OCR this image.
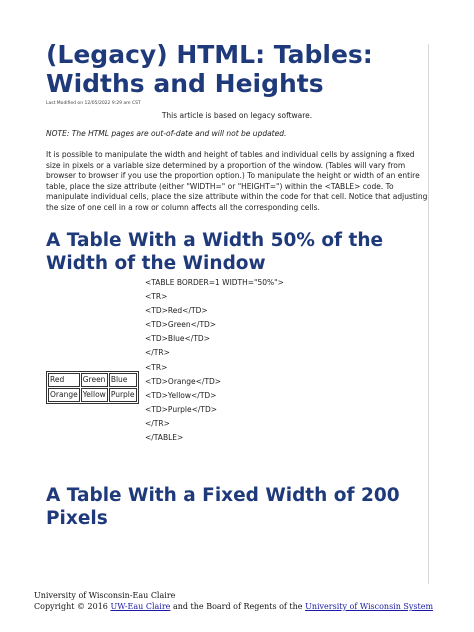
(Legacy) HTML: Tables: Widths and Heights
Last Modified on 12/05/2022 9:29 am CST
This article is based on legacy software.
NOTE: The HTML pages are out-of-date and will not be updated.

It is possible to manipulate the width and height of tables and individual cells by assigning a fixed size in pixels or a variable size determined by a proportion of the window. (Tables will vary from browser to browser if you use the proportion option.) To manipulate the height or width of an entire table, place the size attribute (either "WIDTH=" or "HEIGHT=") within the <TABLE> code. To manipulate individual cells, place the size attribute within the code for that cell. Notice that adjusting the size of one cell in a row or column affects all the corresponding cells.

A Table With a Width 50% of the Width of the Window
<TABLE BORDER=1 WIDTH="50%">
<TR>
<TD>Red</TD>
<TD>Green</TD>
<TD>Blue</TD>
</TR>
<TR>
<TD>Orange</TD>
<TD>Yellow</TD>
<TD>Purple</TD>
</TR>
</TABLE>
Red	Green	Blue
Orange	Yellow	Purple
A Table With a Fixed Width of 200 Pixels
University of Wisconsin-Eau Claire
Copyright © 2016 UW-Eau Claire and the Board of Regents of the University of Wisconsin System
